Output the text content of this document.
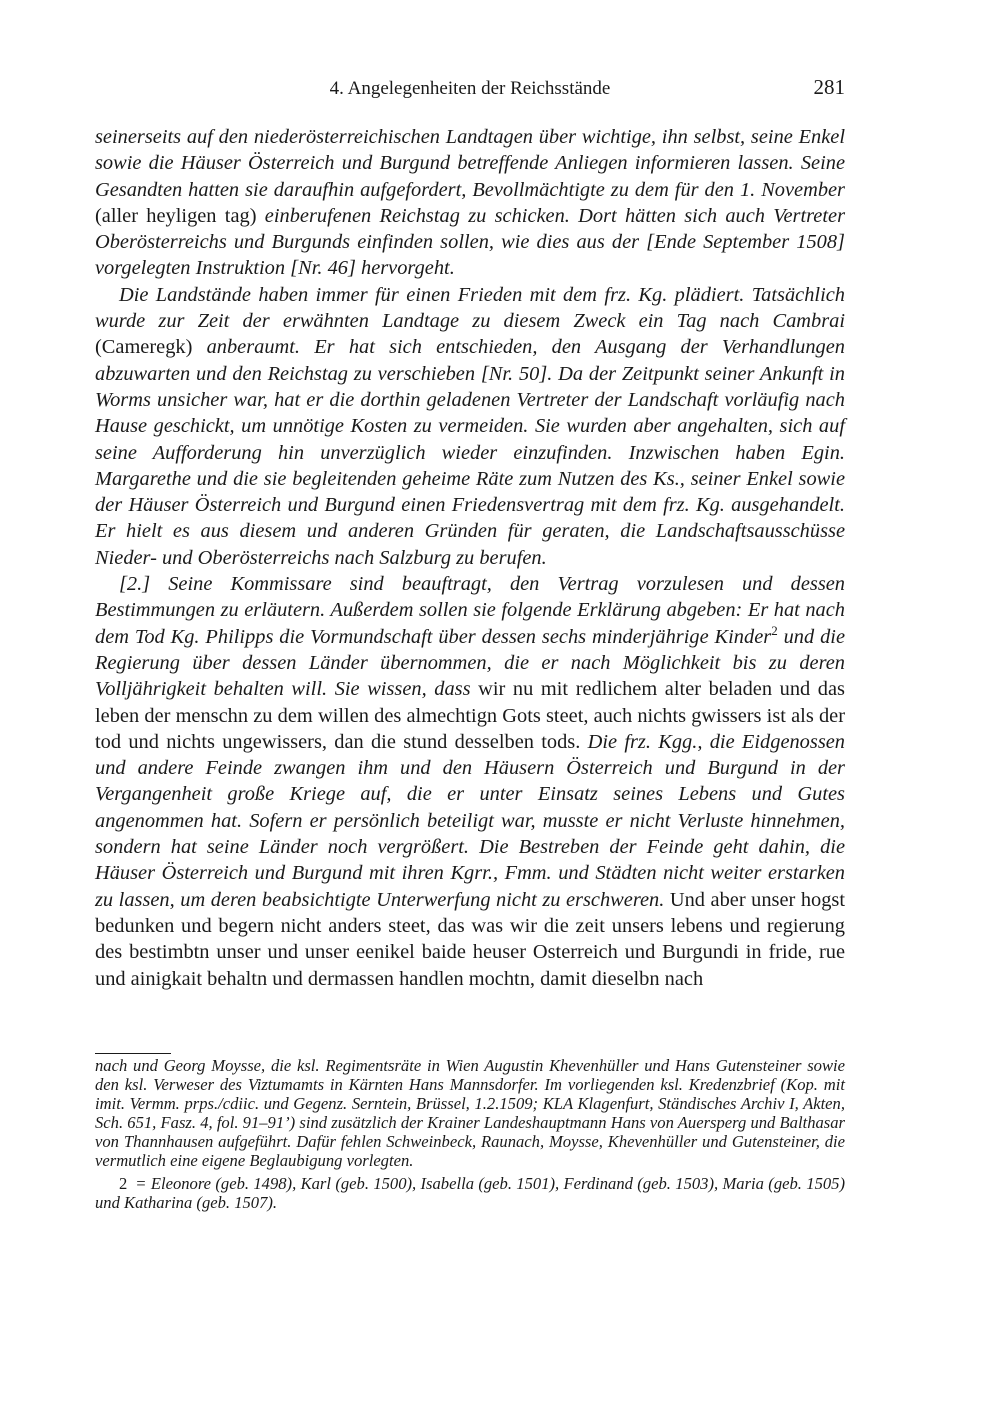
4. Angelegenheiten der Reichsstände	281

seinerseits auf den niederösterreichischen Landtagen über wichtige, ihn selbst, seine Enkel sowie die Häuser Österreich und Burgund betreffende Anliegen informieren lassen. Seine Gesandten hatten sie daraufhin aufgefordert, Bevollmächtigte zu dem für den 1. November (aller heyligen tag) einberufenen Reichstag zu schicken. Dort hätten sich auch Vertreter Oberösterreichs und Burgunds einfinden sollen, wie dies aus der [Ende September 1508] vorgelegten Instruktion [Nr. 46] hervorgeht.

Die Landstände haben immer für einen Frieden mit dem frz. Kg. plädiert. Tatsächlich wurde zur Zeit der erwähnten Landtage zu diesem Zweck ein Tag nach Cambrai (Cameregk) anberaumt. Er hat sich entschieden, den Ausgang der Verhandlungen abzuwarten und den Reichstag zu verschieben [Nr. 50]. Da der Zeitpunkt seiner Ankunft in Worms unsicher war, hat er die dorthin geladenen Vertreter der Landschaft vorläufig nach Hause geschickt, um unnötige Kosten zu vermeiden. Sie wurden aber angehalten, sich auf seine Aufforderung hin unverzüglich wieder einzufinden. Inzwischen haben Egin. Margarethe und die sie begleitenden geheime Räte zum Nutzen des Ks., seiner Enkel sowie der Häuser Österreich und Burgund einen Friedensvertrag mit dem frz. Kg. ausgehandelt. Er hielt es aus diesem und anderen Gründen für geraten, die Landschaftsausschüsse Nieder- und Oberösterreichs nach Salzburg zu berufen.

[2.] Seine Kommissare sind beauftragt, den Vertrag vorzulesen und dessen Bestimmungen zu erläutern. Außerdem sollen sie folgende Erklärung abgeben: Er hat nach dem Tod Kg. Philipps die Vormundschaft über dessen sechs minderjährige Kinder$^2$ und die Regierung über dessen Länder übernommen, die er nach Möglichkeit bis zu deren Volljährigkeit behalten will. Sie wissen, dass wir nu mit redlichem alter beladen und das leben der menschn zu dem willen des almechtign Gots steet, auch nichts gwissers ist als der tod und nichts ungewissers, dan die stund desselben tods. Die frz. Kgg., die Eidgenossen und andere Feinde zwangen ihm und den Häusern Österreich und Burgund in der Vergangenheit große Kriege auf, die er unter Einsatz seines Lebens und Gutes angenommen hat. Sofern er persönlich beteiligt war, musste er nicht Verluste hinnehmen, sondern hat seine Länder noch vergrößert. Die Bestreben der Feinde geht dahin, die Häuser Österreich und Burgund mit ihren Kgrr., Fmm. und Städten nicht weiter erstarken zu lassen, um deren beabsichtigte Unterwerfung nicht zu erschweren. Und aber unser hogst bedunken und begern nicht anders steet, das was wir die zeit unsers lebens und regierung des bestimbtn unser und unser eenikel baide heuser Osterreich und Burgundi in fride, rue und ainigkait behaltn und dermassen handlen mochtn, damit dieselbn nach

nach und Georg Moysse, die ksl. Regimentsräte in Wien Augustin Khevenhüller und Hans Gutensteiner sowie den ksl. Verweser des Viztumamts in Kärnten Hans Mannsdorfer. Im vorliegenden ksl. Kredenzbrief (Kop. mit imit. Vermm. prps./cdiic. und Gegenz. Serntein, Brüssel, 1.2.1509; KLA Klagenfurt, Ständisches Archiv I, Akten, Sch. 651, Fasz. 4, fol. 91–91’) sind zusätzlich der Krainer Landeshauptmann Hans von Auersperg und Balthasar von Thannhausen aufgeführt. Dafür fehlen Schweinbeck, Raunach, Moysse, Khevenhüller und Gutensteiner, die vermutlich eine eigene Beglaubigung vorlegten.

2 = Eleonore (geb. 1498), Karl (geb. 1500), Isabella (geb. 1501), Ferdinand (geb. 1503), Maria (geb. 1505) und Katharina (geb. 1507).
